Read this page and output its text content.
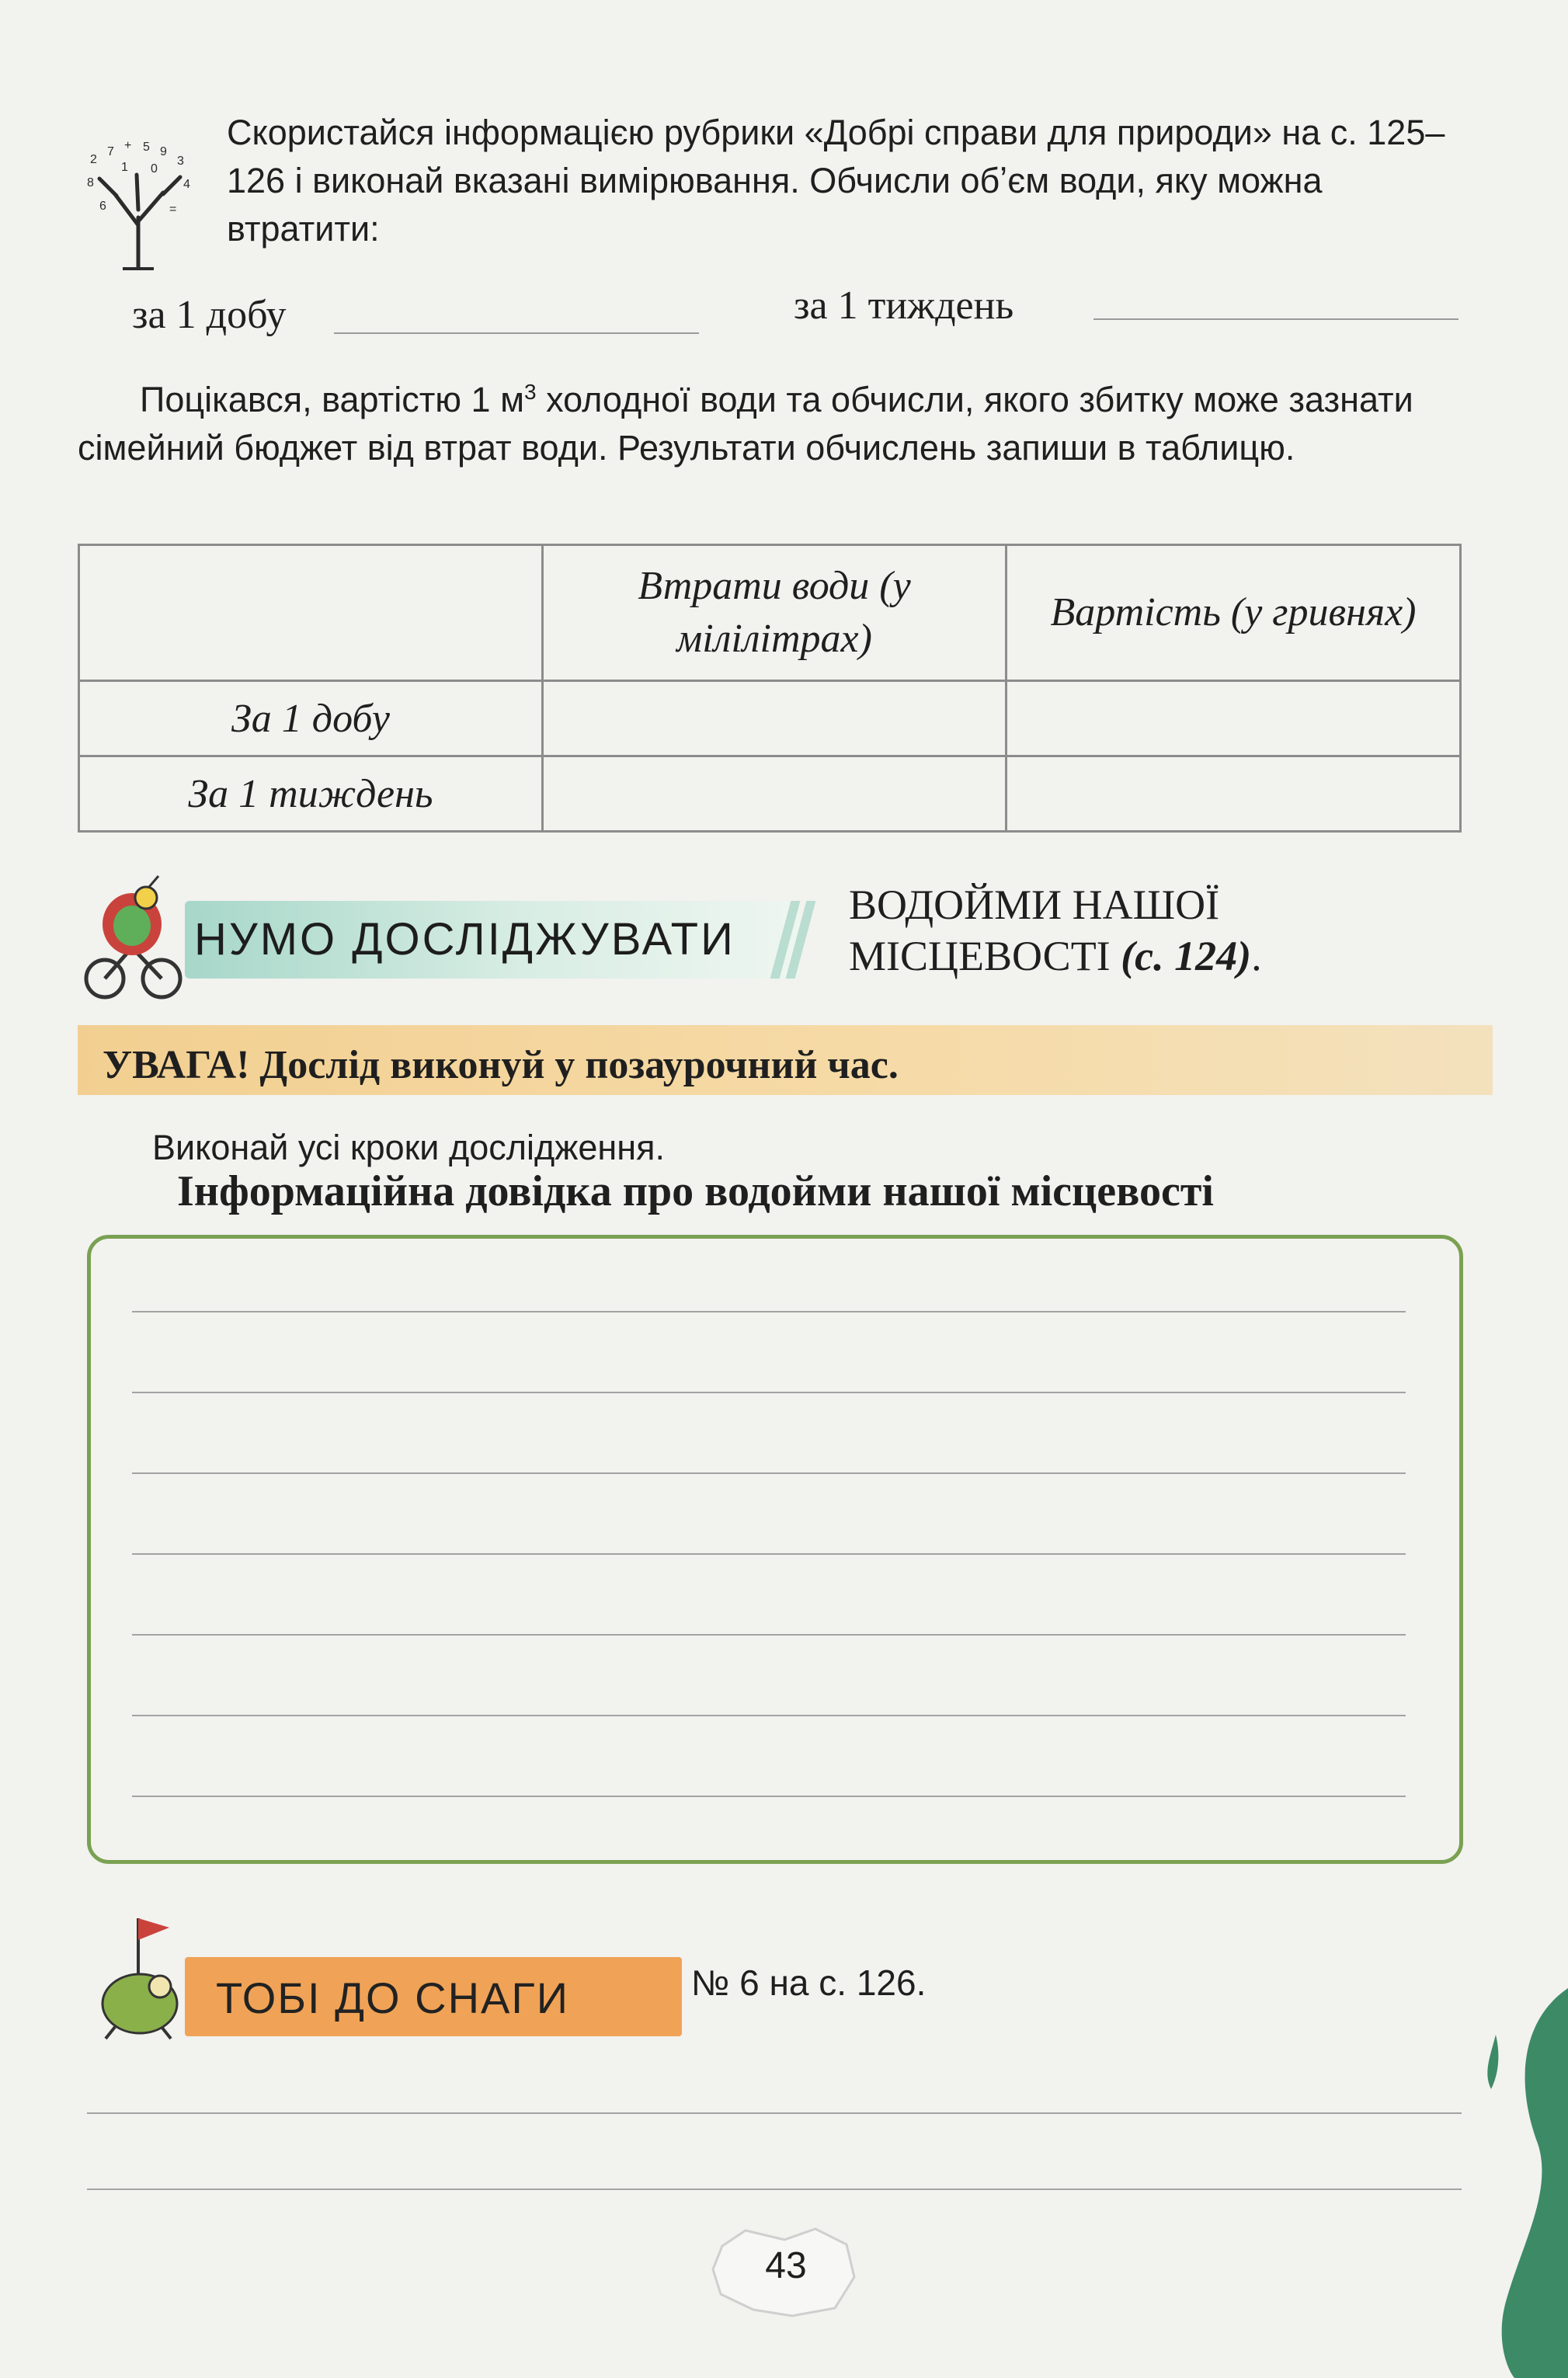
2
7 + 5 9
3
8	4
6	=
1 0
Скористайся інформацією рубрики «Добрі справи для природи» на с. 125–126 і виконай вказані вимірювання. Обчисли обʼєм води, яку можна втратити:
за 1 добу	за 1 тиждень
Поцікався, вартістю 1 $м^3$ холодної води та обчисли, якого збитку може зазнати сімейний бюджет від втрат води. Результати обчислень запиши в таблицю.
	Втрати води (у мілілітрах)	Вартість (у гривнях)
За 1 добу		
За 1 тиждень		
НУМО ДОСЛІДЖУВАТИ
ВОДОЙМИ НАШОЇ
МІСЦЕВОСТІ (с. 124).
УВАГА! Дослід виконуй у позаурочний час.
Виконай усі кроки дослідження.
Інформаційна довідка про водойми нашої місцевості
ТОБІ ДО СНАГИ	№ 6 на с. 126.
43
